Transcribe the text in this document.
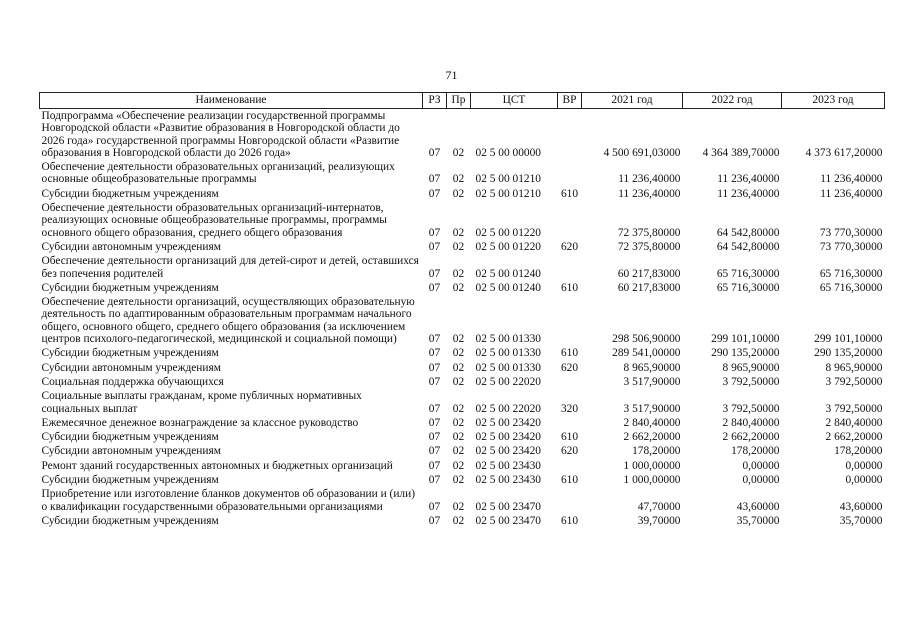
71
Наименование	РЗ	Пр	ЦСТ	ВР	2021 год	2022 год	2023 год
Подпрограмма «Обеспечение реализации государственной программы Новгородской области «Развитие образования в Новгородской области до 2026 года» государственной программы Новгородской области «Развитие образования в Новгородской области до 2026 года»	07	02	02 5 00 00000		4 500 691,03000	4 364 389,70000	4 373 617,20000
Обеспечение деятельности образовательных организаций, реализующих основные общеобразовательные программы	07	02	02 5 00 01210		11 236,40000	11 236,40000	11 236,40000
Субсидии бюджетным учреждениям	07	02	02 5 00 01210	610	11 236,40000	11 236,40000	11 236,40000
Обеспечение деятельности образовательных организаций-интернатов, реализующих основные общеобразовательные программы, программы основного общего образования, среднего общего образования	07	02	02 5 00 01220		72 375,80000	64 542,80000	73 770,30000
Субсидии автономным учреждениям	07	02	02 5 00 01220	620	72 375,80000	64 542,80000	73 770,30000
Обеспечение деятельности организаций для детей-сирот и детей, оставшихся без попечения родителей	07	02	02 5 00 01240		60 217,83000	65 716,30000	65 716,30000
Субсидии бюджетным учреждениям	07	02	02 5 00 01240	610	60 217,83000	65 716,30000	65 716,30000
Обеспечение деятельности организаций, осуществляющих образовательную деятельность по адаптированным образовательным программам начального общего, основного общего, среднего общего образования (за исключением центров психолого-педагогической, медицинской и социальной помощи)	07	02	02 5 00 01330		298 506,90000	299 101,10000	299 101,10000
Субсидии бюджетным учреждениям	07	02	02 5 00 01330	610	289 541,00000	290 135,20000	290 135,20000
Субсидии автономным учреждениям	07	02	02 5 00 01330	620	8 965,90000	8 965,90000	8 965,90000
Социальная поддержка обучающихся	07	02	02 5 00 22020		3 517,90000	3 792,50000	3 792,50000
Социальные выплаты гражданам, кроме публичных нормативных социальных выплат	07	02	02 5 00 22020	320	3 517,90000	3 792,50000	3 792,50000
Ежемесячное денежное вознаграждение за классное руководство	07	02	02 5 00 23420		2 840,40000	2 840,40000	2 840,40000
Субсидии бюджетным учреждениям	07	02	02 5 00 23420	610	2 662,20000	2 662,20000	2 662,20000
Субсидии автономным учреждениям	07	02	02 5 00 23420	620	178,20000	178,20000	178,20000
Ремонт зданий государственных автономных и бюджетных организаций	07	02	02 5 00 23430		1 000,00000	0,00000	0,00000
Субсидии бюджетным учреждениям	07	02	02 5 00 23430	610	1 000,00000	0,00000	0,00000
Приобретение или изготовление бланков документов об образовании и (или) о квалификации государственными образовательными организациями	07	02	02 5 00 23470		47,70000	43,60000	43,60000
Субсидии бюджетным учреждениям	07	02	02 5 00 23470	610	39,70000	35,70000	35,70000
